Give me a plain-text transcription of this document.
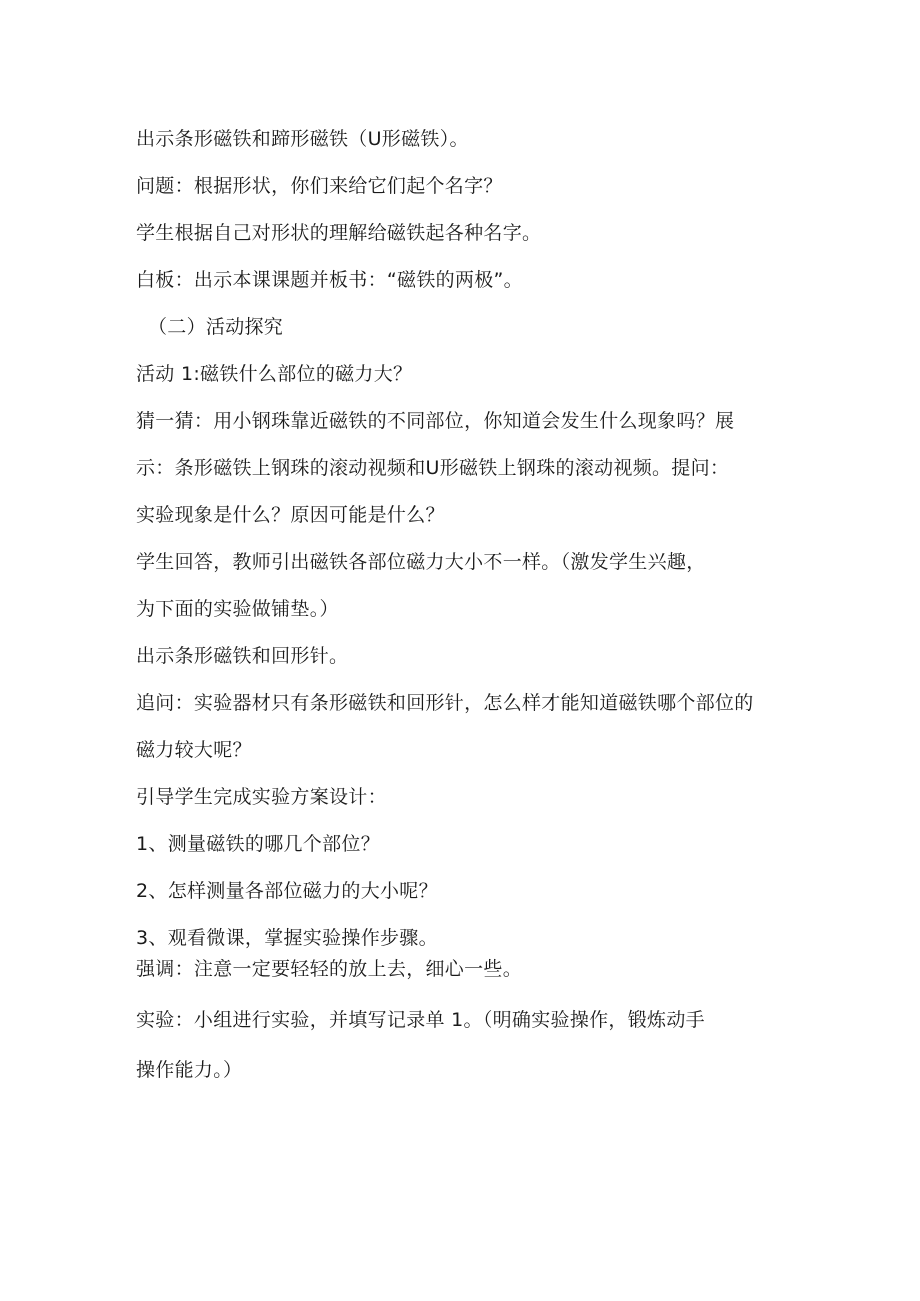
出示条形磁铁和蹄形磁铁（U形磁铁）。
问题：根据形状，你们来给它们起个名字？
学生根据自己对形状的理解给磁铁起各种名字。
白板：出示本课课题并板书：“磁铁的两极”。
（二）活动探究
活动 1:磁铁什么部位的磁力大？
猜一猜：用小钢珠靠近磁铁的不同部位，你知道会发生什么现象吗？展
示：条形磁铁上钢珠的滚动视频和U形磁铁上钢珠的滚动视频。提问：
实验现象是什么？原因可能是什么？
学生回答，教师引出磁铁各部位磁力大小不一样。（激发学生兴趣，
为下面的实验做铺垫。）
出示条形磁铁和回形针。
追问：实验器材只有条形磁铁和回形针，怎么样才能知道磁铁哪个部位的
磁力较大呢？
引导学生完成实验方案设计：
1、测量磁铁的哪几个部位？
2、怎样测量各部位磁力的大小呢？
3、观看微课，掌握实验操作步骤。
强调：注意一定要轻轻的放上去，细心一些。
实验：小组进行实验，并填写记录单 1。（明确实验操作，锻炼动手
操作能力。）
